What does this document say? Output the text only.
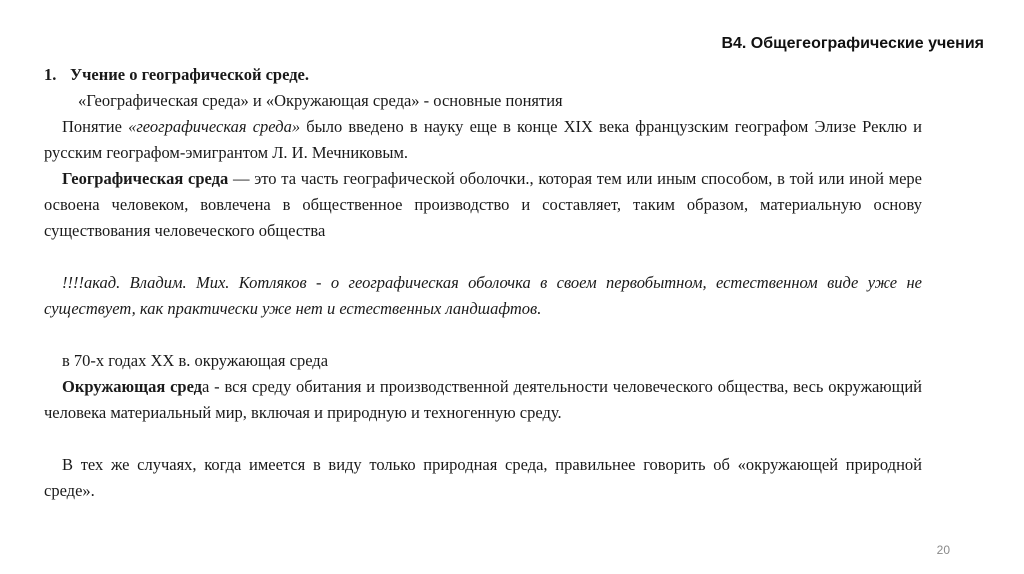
В4. Общегеографические учения

1. Учение о географической среде.

«Географическая среда» и «Окружающая среда» - основные понятия

Понятие «географическая среда» было введено в науку еще в конце XIX века французским географом Элизе Реклю и русским географом-эмигрантом Л. И. Мечниковым.

Географическая среда — это та часть географической оболочки., которая тем или иным способом, в той или иной мере освоена человеком, вовлечена в общественное производство и составляет, таким образом, материальную основу существования человеческого общества

!!!!акад. Владим. Мих. Котляков - о географическая оболочка в своем первобытном, естественном виде уже не существует, как практически уже нет и естественных ландшафтов.

в 70-х годах XX в. окружающая среда

Окружающая среда - вся среду обитания и производственной деятельности человеческого общества, весь окружающий человека материальный мир, включая и природную и техногенную среду.

В тех же случаях, когда имеется в виду только природная среда, правильнее говорить об «окружающей природной среде».

20
